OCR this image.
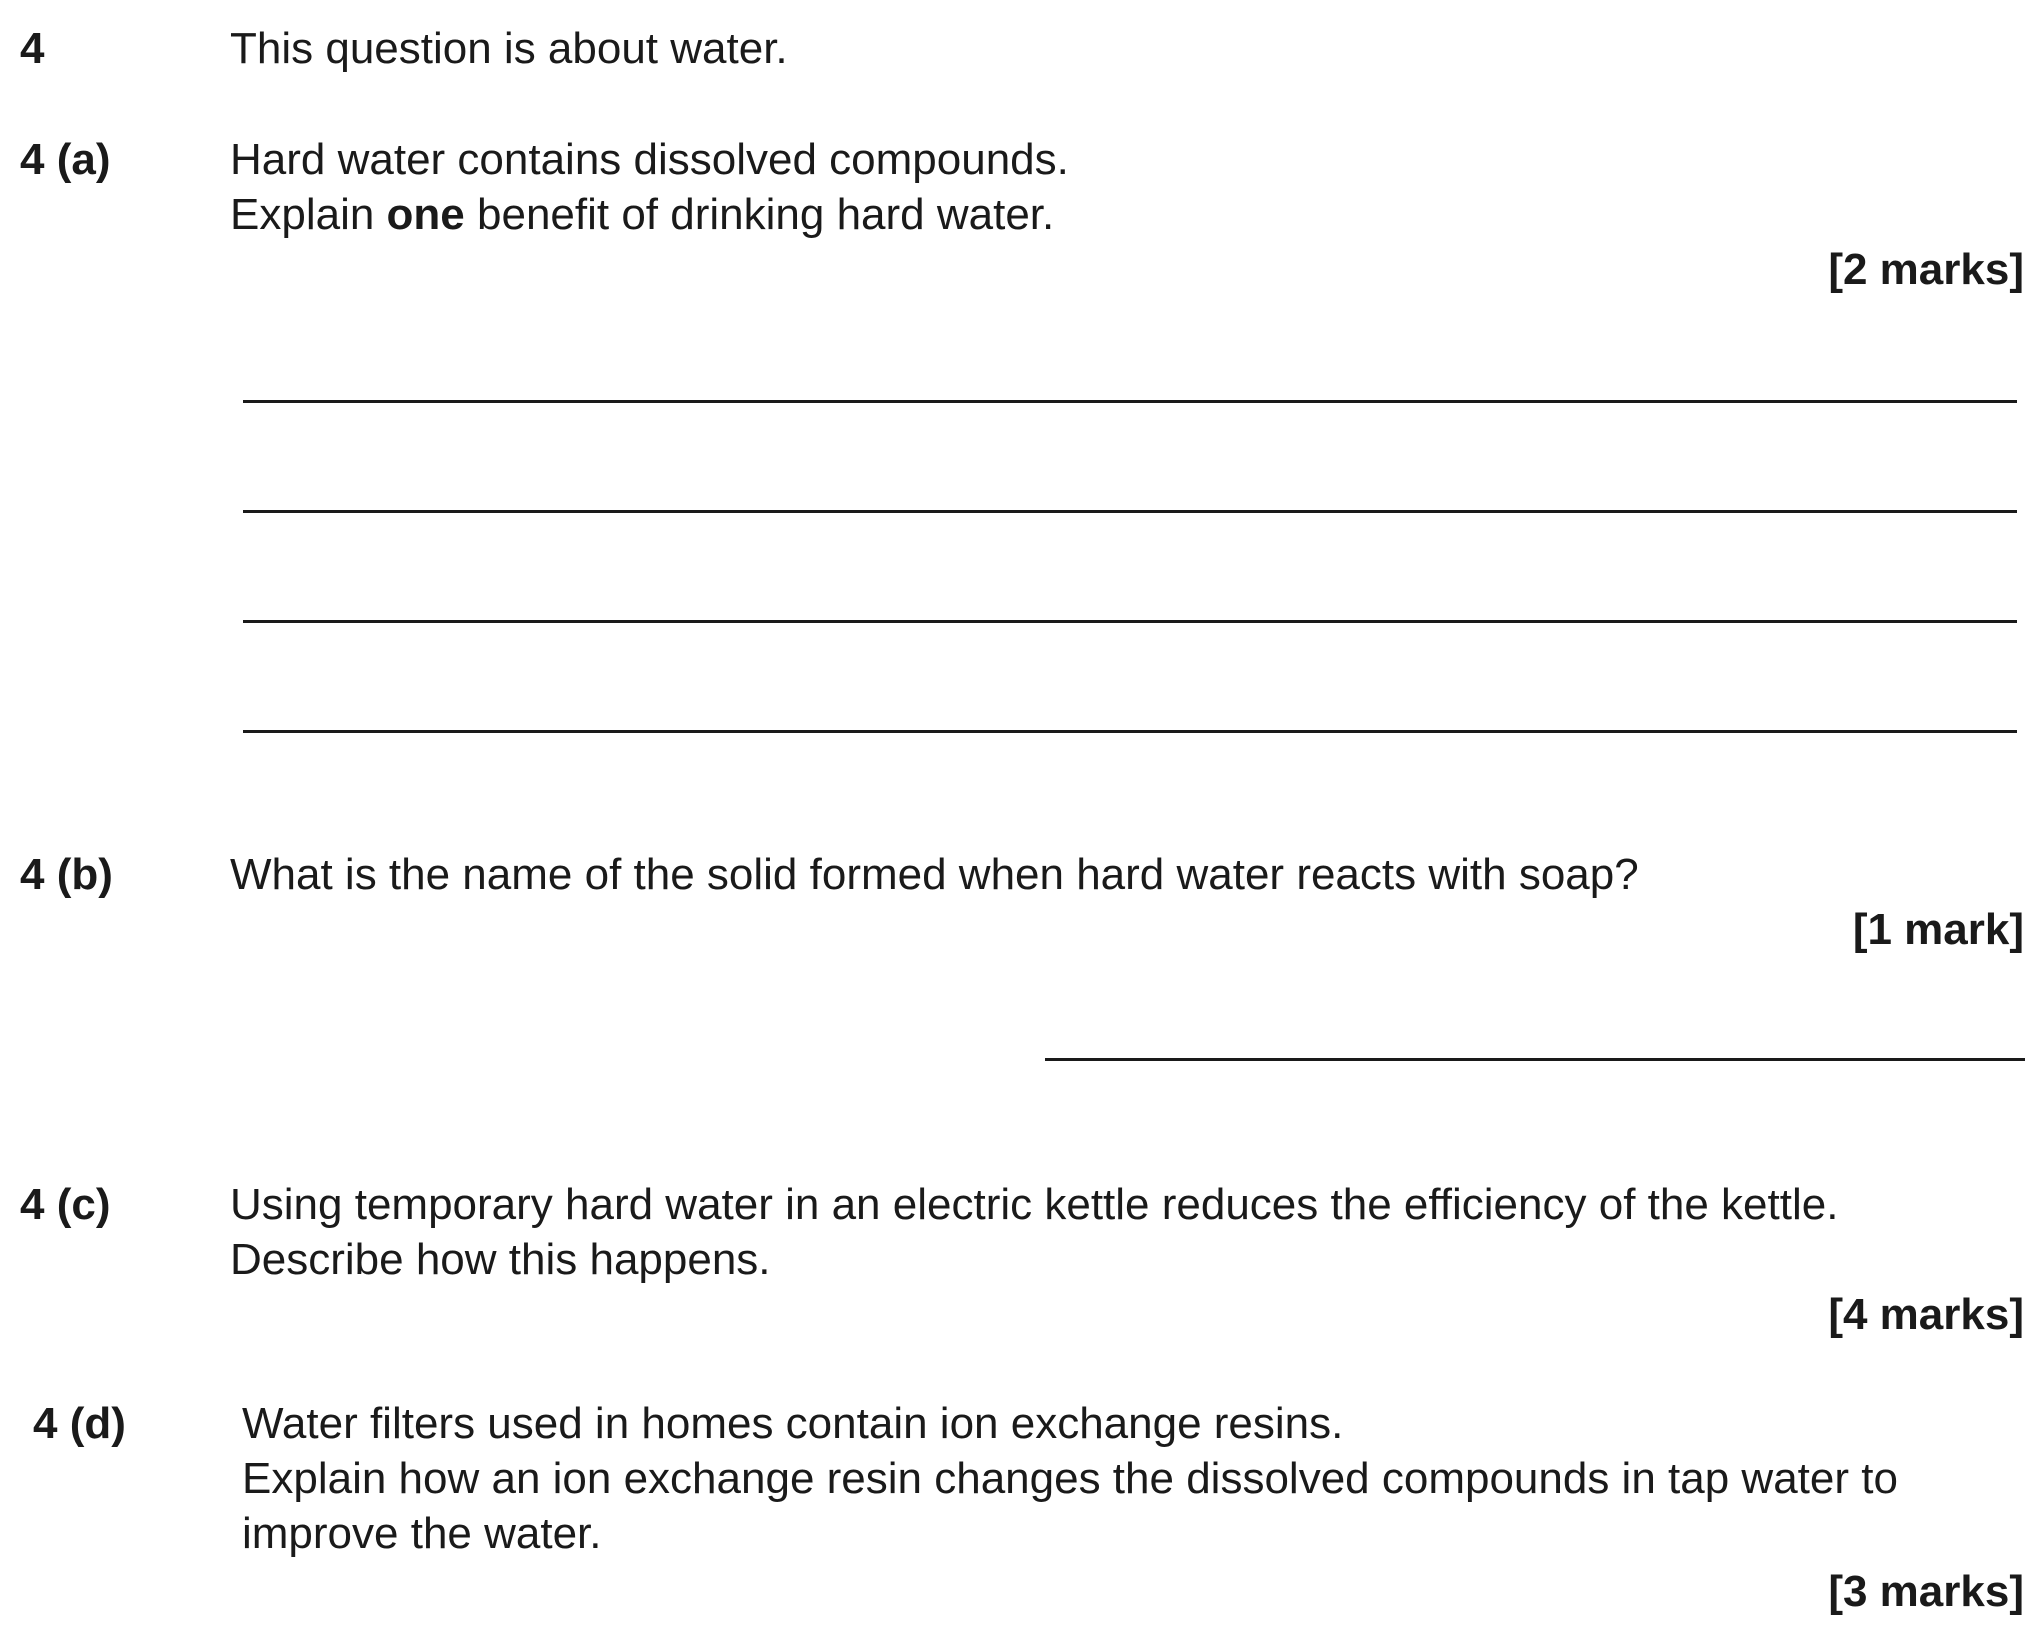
4	This question is about water.
4 (a)	Hard water contains dissolved compounds.
Explain one benefit of drinking hard water.
[2 marks]
4 (b)	What is the name of the solid formed when hard water reacts with soap?
[1 mark]
4 (c)	Using temporary hard water in an electric kettle reduces the efficiency of the kettle.
Describe how this happens.
[4 marks]
4 (d)	Water filters used in homes contain ion exchange resins.
Explain how an ion exchange resin changes the dissolved compounds in tap water to
improve the water.
[3 marks]
